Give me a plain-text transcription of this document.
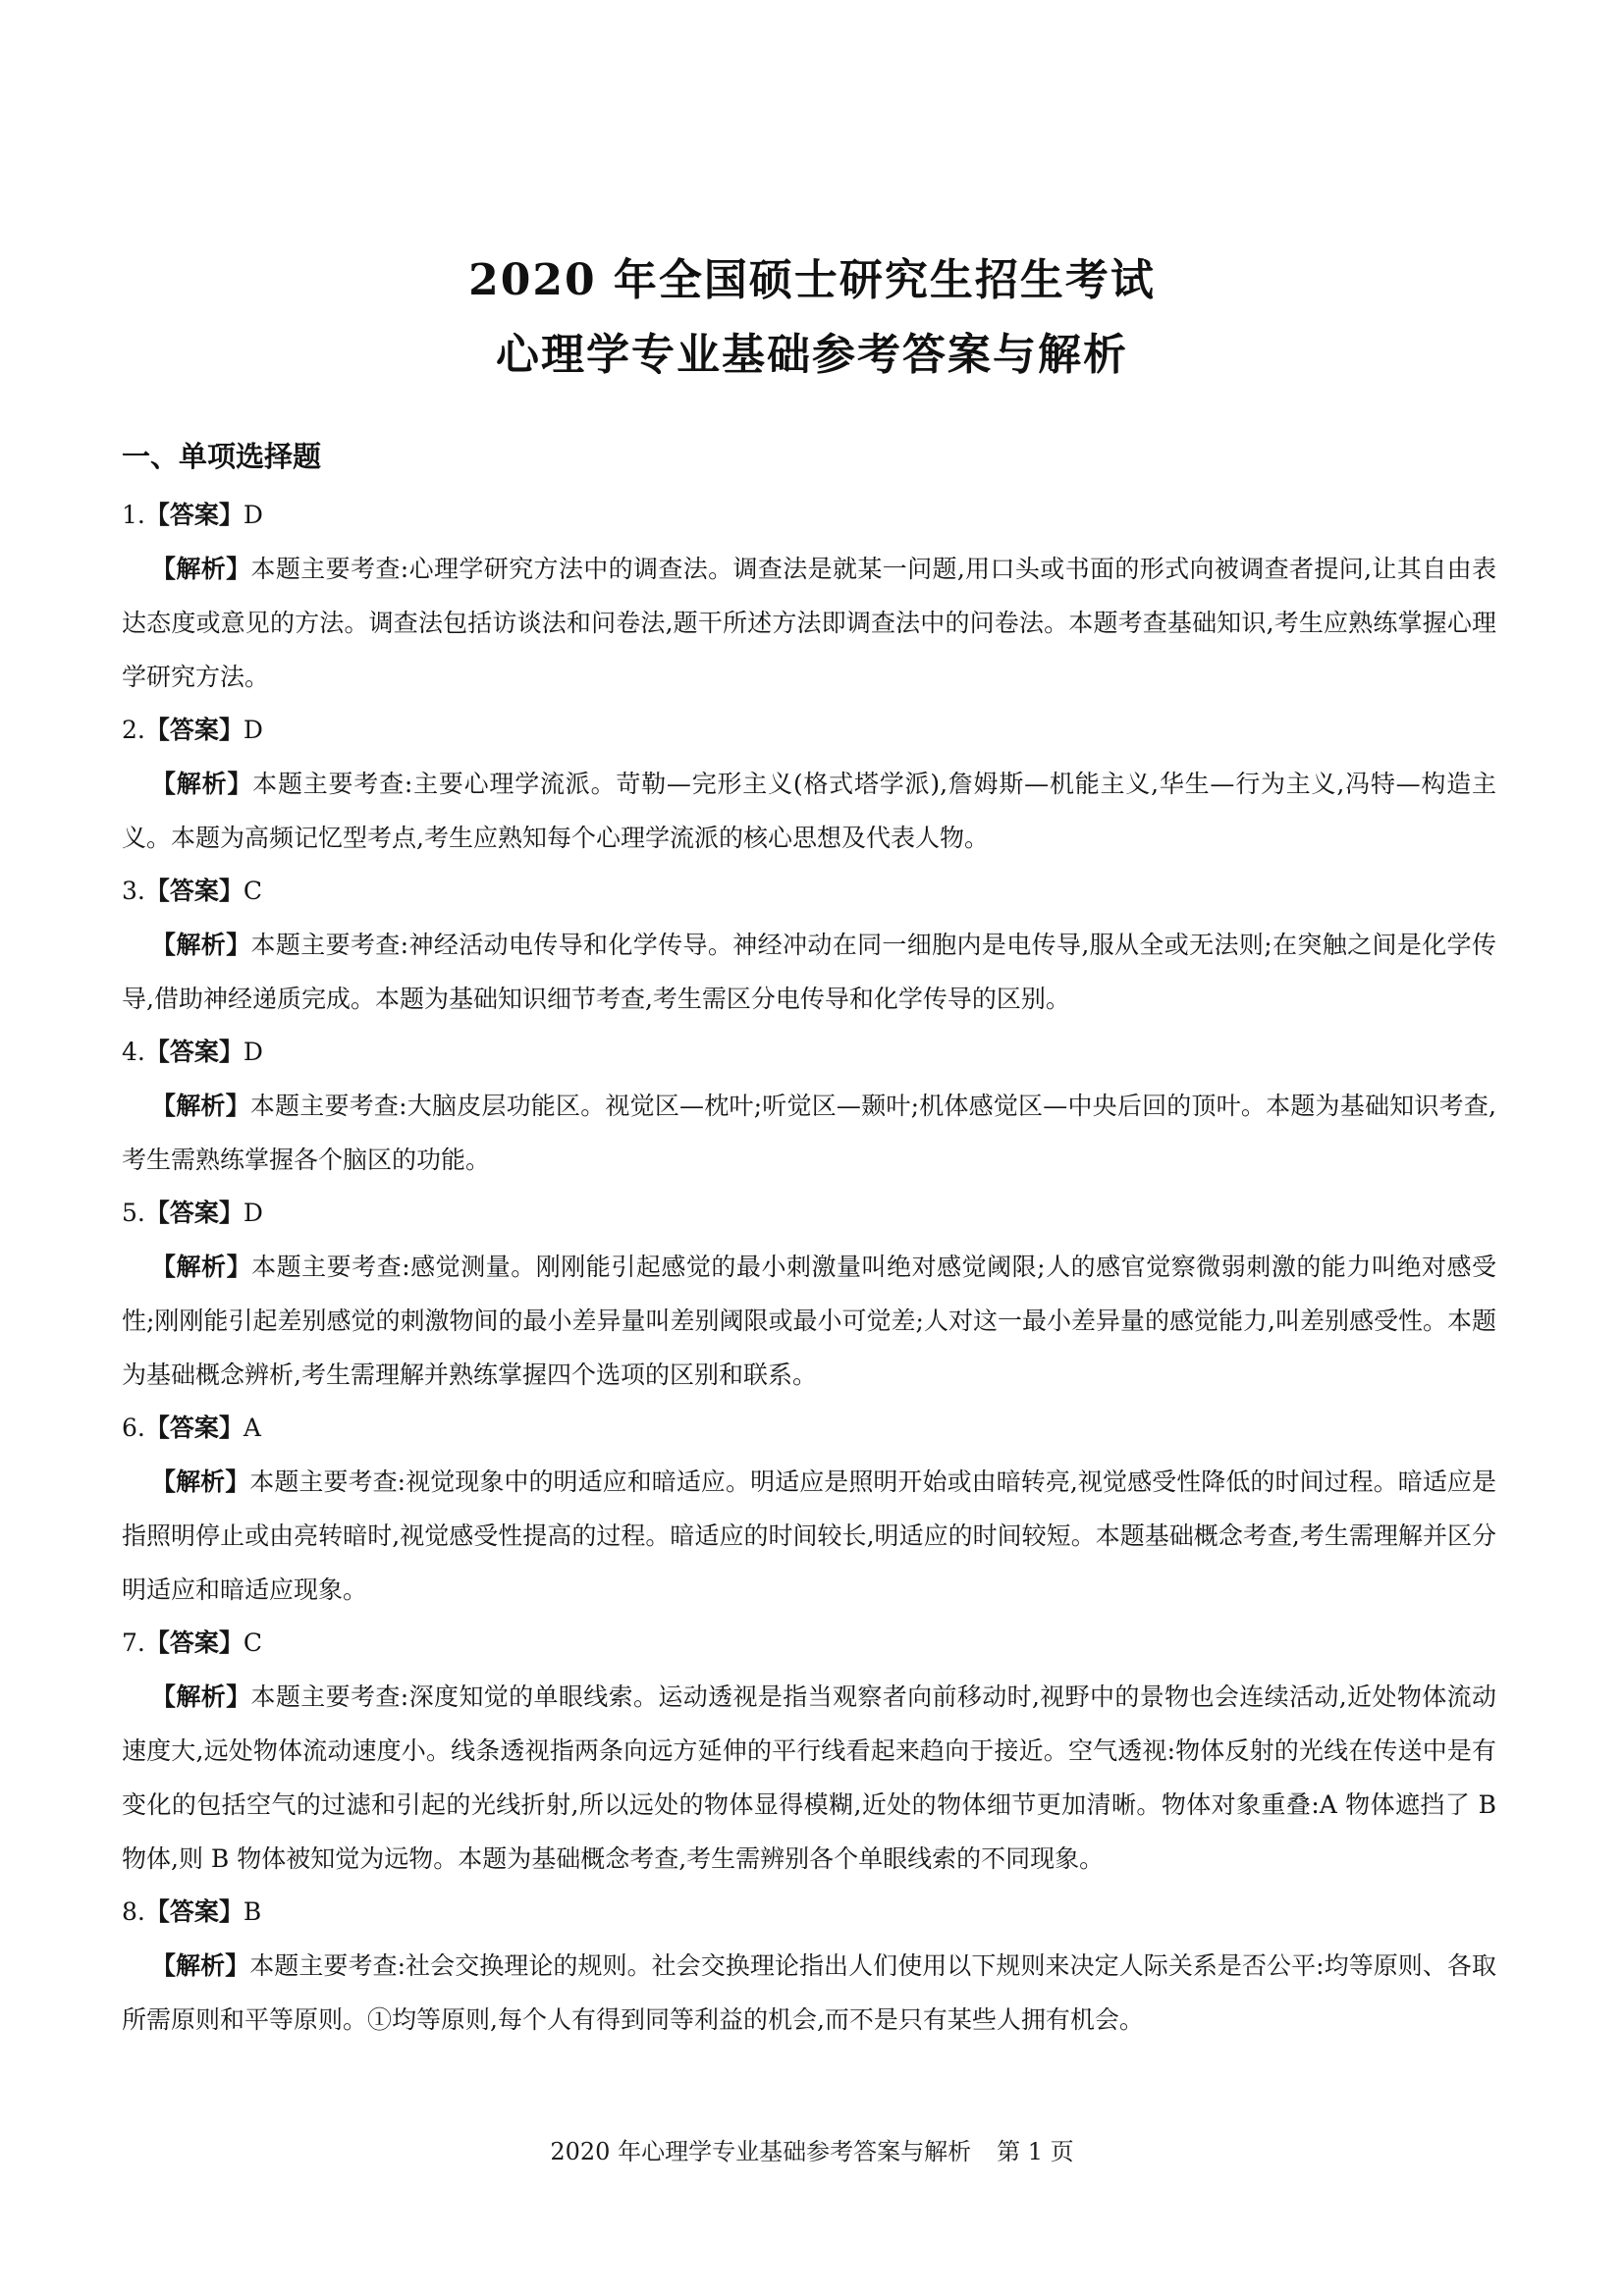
2020 年全国硕士研究生招生考试
心理学专业基础参考答案与解析
一、单项选择题
1.【答案】D

【解析】本题主要考查:心理学研究方法中的调查法。调查法是就某一问题,用口头或书面的形式向被调查者提问,让其自由表达态度或意见的方法。调查法包括访谈法和问卷法,题干所述方法即调查法中的问卷法。本题考查基础知识,考生应熟练掌握心理学研究方法。

2.【答案】D

【解析】本题主要考查:主要心理学流派。苛勒—完形主义(格式塔学派),詹姆斯—机能主义,华生—行为主义,冯特—构造主义。本题为高频记忆型考点,考生应熟知每个心理学流派的核心思想及代表人物。

3.【答案】C

【解析】本题主要考查:神经活动电传导和化学传导。神经冲动在同一细胞内是电传导,服从全或无法则;在突触之间是化学传导,借助神经递质完成。本题为基础知识细节考查,考生需区分电传导和化学传导的区别。

4.【答案】D

【解析】本题主要考查:大脑皮层功能区。视觉区—枕叶;听觉区—颞叶;机体感觉区—中央后回的顶叶。本题为基础知识考查,考生需熟练掌握各个脑区的功能。

5.【答案】D

【解析】本题主要考查:感觉测量。刚刚能引起感觉的最小刺激量叫绝对感觉阈限;人的感官觉察微弱刺激的能力叫绝对感受性;刚刚能引起差别感觉的刺激物间的最小差异量叫差别阈限或最小可觉差;人对这一最小差异量的感觉能力,叫差别感受性。本题为基础概念辨析,考生需理解并熟练掌握四个选项的区别和联系。

6.【答案】A

【解析】本题主要考查:视觉现象中的明适应和暗适应。明适应是照明开始或由暗转亮,视觉感受性降低的时间过程。暗适应是指照明停止或由亮转暗时,视觉感受性提高的过程。暗适应的时间较长,明适应的时间较短。本题基础概念考查,考生需理解并区分明适应和暗适应现象。

7.【答案】C

【解析】本题主要考查:深度知觉的单眼线索。运动透视是指当观察者向前移动时,视野中的景物也会连续活动,近处物体流动速度大,远处物体流动速度小。线条透视指两条向远方延伸的平行线看起来趋向于接近。空气透视:物体反射的光线在传送中是有变化的包括空气的过滤和引起的光线折射,所以远处的物体显得模糊,近处的物体细节更加清晰。物体对象重叠:A 物体遮挡了 B 物体,则 B 物体被知觉为远物。本题为基础概念考查,考生需辨别各个单眼线索的不同现象。

8.【答案】B

【解析】本题主要考查:社会交换理论的规则。社会交换理论指出人们使用以下规则来决定人际关系是否公平:均等原则、各取所需原则和平等原则。①均等原则,每个人有得到同等利益的机会,而不是只有某些人拥有机会。

2020 年心理学专业基础参考答案与解析 第 1 页
